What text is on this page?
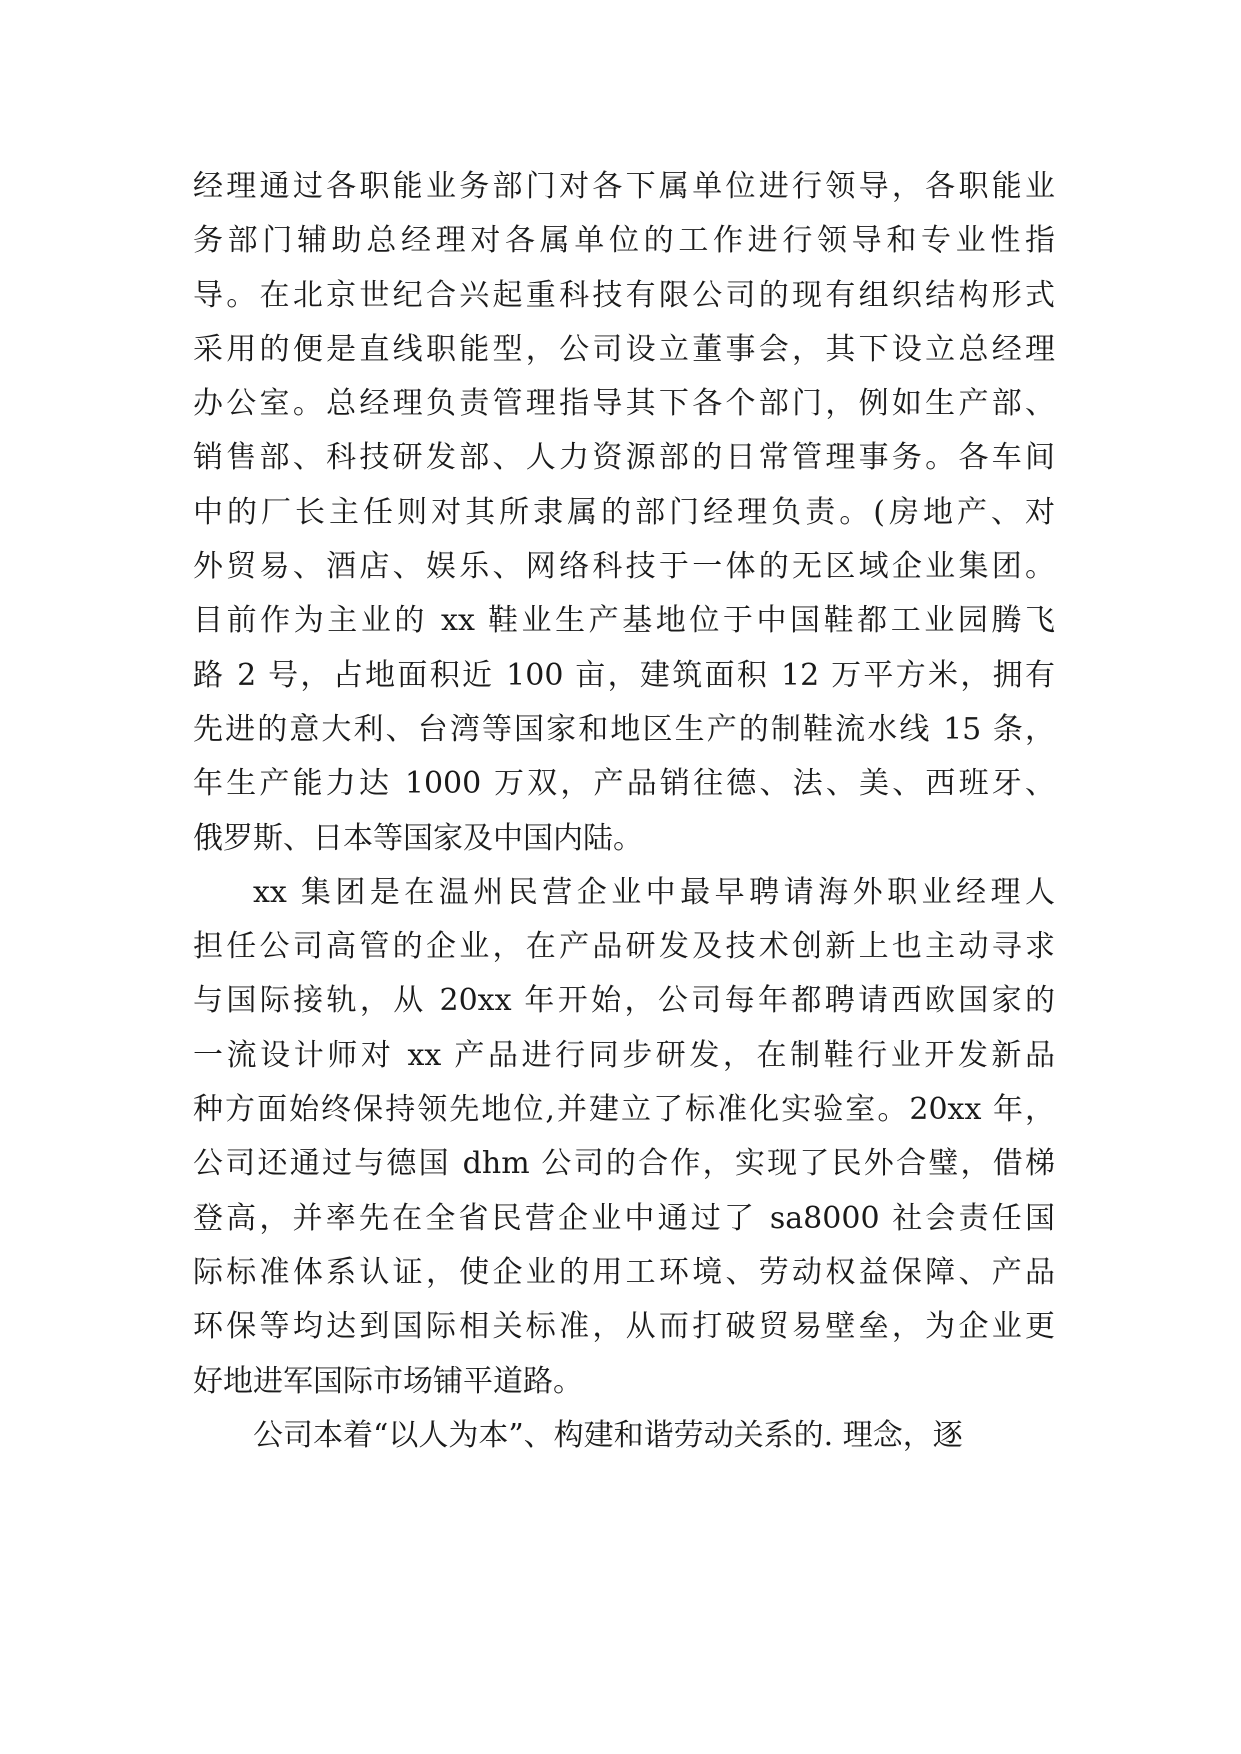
经理通过各职能业务部门对各下属单位进行领导，各职能业
务部门辅助总经理对各属单位的工作进行领导和专业性指
导。在北京世纪合兴起重科技有限公司的现有组织结构形式
采用的便是直线职能型，公司设立董事会，其下设立总经理
办公室。总经理负责管理指导其下各个部门，例如生产部、
销售部、科技研发部、人力资源部的日常管理事务。各车间
中的厂长主任则对其所隶属的部门经理负责。(房地产、对
外贸易、酒店、娱乐、网络科技于一体的无区域企业集团。
目前作为主业的 xx 鞋业生产基地位于中国鞋都工业园腾飞
路 2 号，占地面积近 100 亩，建筑面积 12 万平方米，拥有
先进的意大利、台湾等国家和地区生产的制鞋流水线 15 条，
年生产能力达 1000 万双，产品销往德、法、美、西班牙、
俄罗斯、日本等国家及中国内陆。
xx 集团是在温州民营企业中最早聘请海外职业经理人
担任公司高管的企业，在产品研发及技术创新上也主动寻求
与国际接轨，从 20xx 年开始，公司每年都聘请西欧国家的
一流设计师对 xx 产品进行同步研发，在制鞋行业开发新品
种方面始终保持领先地位,并建立了标准化实验室。20xx 年，
公司还通过与德国 dhm 公司的合作，实现了民外合璧，借梯
登高，并率先在全省民营企业中通过了 sa8000 社会责任国
际标准体系认证，使企业的用工环境、劳动权益保障、产品
环保等均达到国际相关标准，从而打破贸易壁垒，为企业更
好地进军国际市场铺平道路。
公司本着“以人为本”、构建和谐劳动关系的. 理念，逐
